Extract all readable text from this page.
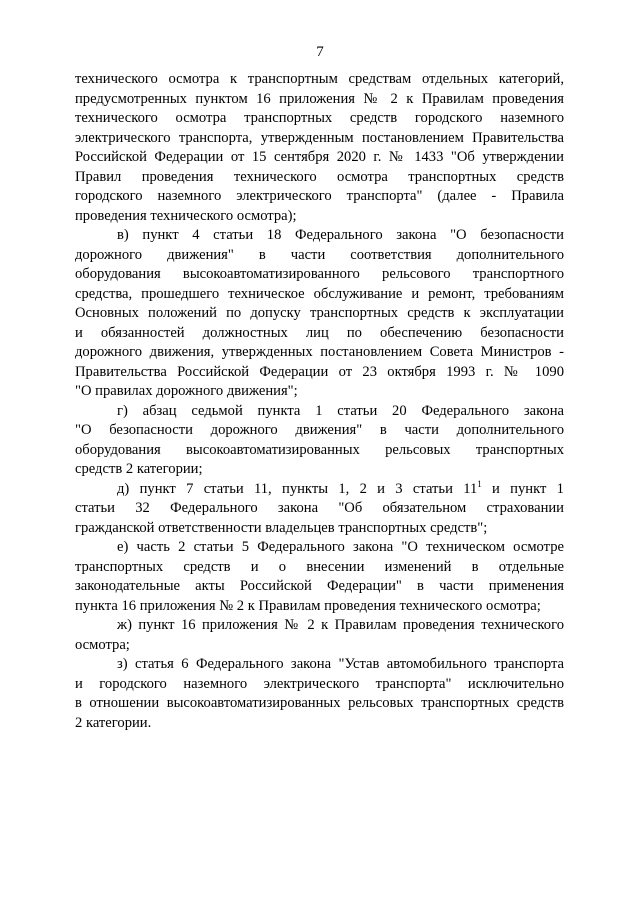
7

технического осмотра к транспортным средствам отдельных категорий,
предусмотренных пунктом 16 приложения № 2 к Правилам проведения
технического осмотра транспортных средств городского наземного
электрического транспорта, утвержденным постановлением Правительства
Российской Федерации от 15 сентября 2020 г. № 1433 "Об утверждении
Правил проведения технического осмотра транспортных средств
городского наземного электрического транспорта" (далее - Правила
проведения технического осмотра);

в) пункт 4 статьи 18 Федерального закона "О безопасности
дорожного движения" в части соответствия дополнительного
оборудования высокоавтоматизированного рельсового транспортного
средства, прошедшего техническое обслуживание и ремонт, требованиям
Основных положений по допуску транспортных средств к эксплуатации
и обязанностей должностных лиц по обеспечению безопасности
дорожного движения, утвержденных постановлением Совета Министров -
Правительства Российской Федерации от 23 октября 1993 г. № 1090
"О правилах дорожного движения";

г) абзац седьмой пункта 1 статьи 20 Федерального закона
"О безопасности дорожного движения" в части дополнительного
оборудования высокоавтоматизированных рельсовых транспортных
средств 2 категории;

д) пункт 7 статьи 11, пункты 1, 2 и 3 статьи $11^1$ и пункт 1
статьи 32 Федерального закона "Об обязательном страховании
гражданской ответственности владельцев транспортных средств";

е) часть 2 статьи 5 Федерального закона "О техническом осмотре
транспортных средств и о внесении изменений в отдельные
законодательные акты Российской Федерации" в части применения
пункта 16 приложения № 2 к Правилам проведения технического осмотра;

ж) пункт 16 приложения № 2 к Правилам проведения технического
осмотра;

з) статья 6 Федерального закона "Устав автомобильного транспорта
и городского наземного электрического транспорта" исключительно
в отношении высокоавтоматизированных рельсовых транспортных средств
2 категории.
